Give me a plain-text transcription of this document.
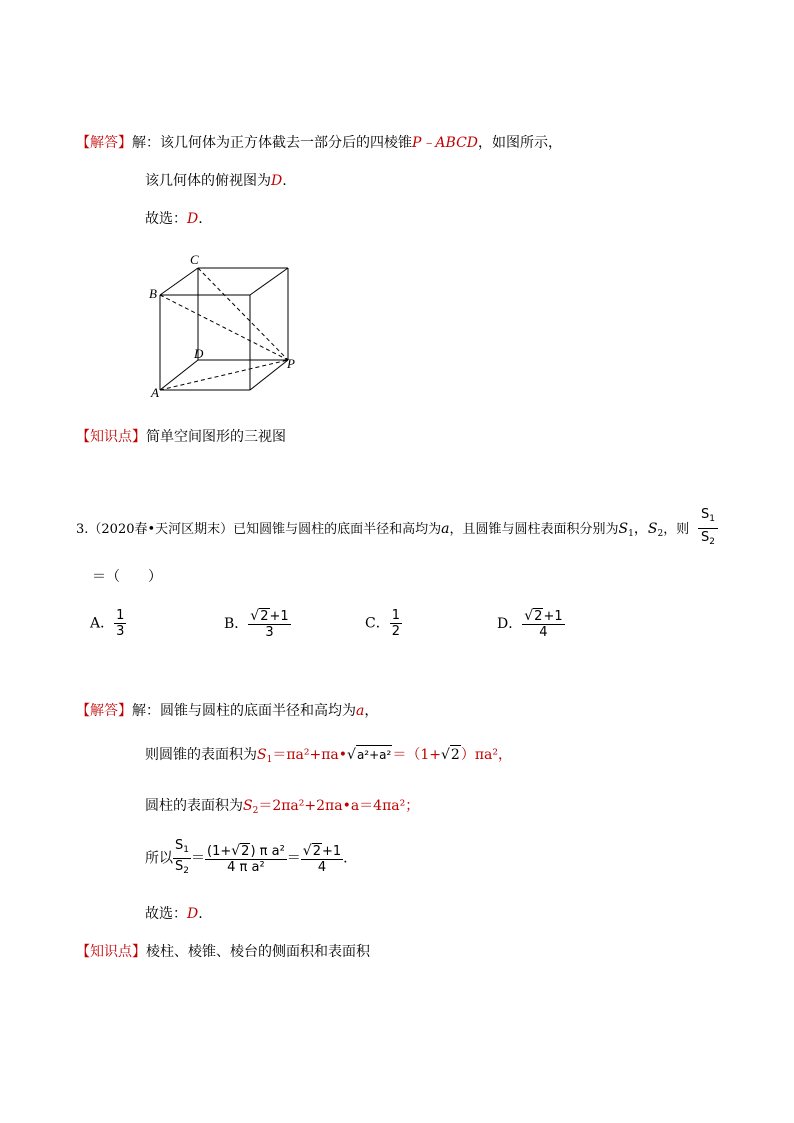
【解答】解：该几何体为正方体截去一部分后的四棱锥P﹣ABCD，如图所示，
该几何体的俯视图为D.
故选：D.
C
B
D
A
P
【知识点】简单空间图形的三视图
3.（2020春•天河区期末）已知圆锥与圆柱的底面半径和高均为a，且圆锥与圆柱表面积分别为$S_1$，$S_2$，则
$S_1$
$S_2$
＝（　　）
A． $\frac{1}{3}$	B． $\frac{√2+1}{3}$	C． $\frac{1}{2}$	D． $\frac{√2+1}{4}$
【解答】解：圆锥与圆柱的底面半径和高均为a，
则圆锥的表面积为$S_1=\pi a^2+\pi a•√a^2+a^2=(1+√2)\pi a^2$，
圆柱的表面积为$S_2=2\pi a^2+2\pi a•a=4\pi a^2$；
所以 $\frac{S_1}{S_2} = \frac{\text{(1+√2) π a²}}{\text{4 π a²}} = \frac{√2+1}{4}$ .
故选：D.
【知识点】棱柱、棱锥、棱台的侧面积和表面积
